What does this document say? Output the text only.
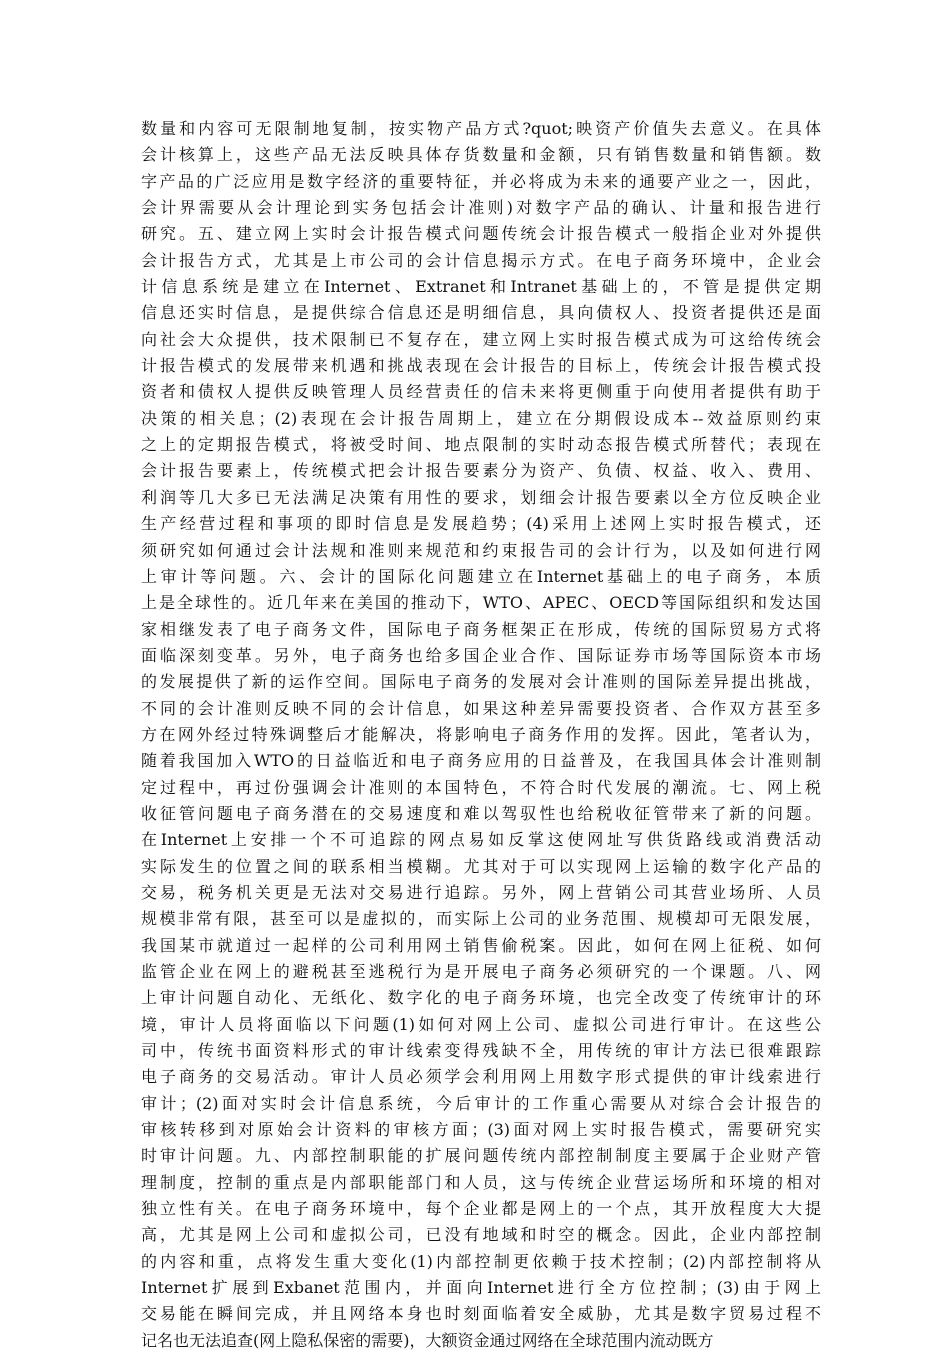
数量和内容可无限制地复制，按实物产品方式?quot;映资产价值失去意义。在具体
会计核算上，这些产品无法反映具体存货数量和金额，只有销售数量和销售额。数
字产品的广泛应用是数字经济的重要特征，并必将成为未来的通要产业之一，因此，
会计界需要从会计理论到实务包括会计准则)对数字产品的确认、计量和报告进行
研究。五、建立网上实时会计报告模式问题传统会计报告模式一般指企业对外提供
会计报告方式，尤其是上市公司的会计信息揭示方式。在电子商务环境中，企业会
计信息系统是建立在Internet、Extranet和Intranet基础上的，不管是提供定期
信息还实时信息，是提供综合信息还是明细信息，具向债权人、投资者提供还是面
向社会大众提供，技术限制已不复存在，建立网上实时报告模式成为可这给传统会
计报告模式的发展带来机遇和挑战表现在会计报告的目标上，传统会计报告模式投
资者和债权人提供反映管理人员经营责任的信未来将更侧重于向使用者提供有助于
决策的相关息；(2)表现在会计报告周期上，建立在分期假设成本--效益原则约束
之上的定期报告模式，将被受时间、地点限制的实时动态报告模式所替代；表现在
会计报告要素上，传统模式把会计报告要素分为资产、负债、权益、收入、费用、
利润等几大多已无法满足决策有用性的要求，划细会计报告要素以全方位反映企业
生产经营过程和事项的即时信息是发展趋势；(4)采用上述网上实时报告模式，还
须研究如何通过会计法规和准则来规范和约束报告司的会计行为，以及如何进行网
上审计等问题。六、会计的国际化问题建立在Internet基础上的电子商务，本质
上是全球性的。近几年来在美国的推动下，WTO、APEC、OECD等国际组织和发达国
家相继发表了电子商务文件，国际电子商务框架正在形成，传统的国际贸易方式将
面临深刻变革。另外，电子商务也给多国企业合作、国际证券市场等国际资本市场
的发展提供了新的运作空间。国际电子商务的发展对会计准则的国际差异提出挑战，
不同的会计准则反映不同的会计信息，如果这种差异需要投资者、合作双方甚至多
方在网外经过特殊调整后才能解决，将影响电子商务作用的发挥。因此，笔者认为，
随着我国加入WTO的日益临近和电子商务应用的日益普及，在我国具体会计准则制
定过程中，再过份强调会计准则的本国特色，不符合时代发展的潮流。七、网上税
收征管问题电子商务潜在的交易速度和难以驾驭性也给税收征管带来了新的问题。
在Internet上安排一个不可追踪的网点易如反掌这使网址写供货路线或消费活动
实际发生的位置之间的联系相当模糊。尤其对于可以实现网上运输的数字化产品的
交易，税务机关更是无法对交易进行追踪。另外，网上营销公司其营业场所、人员
规模非常有限，甚至可以是虚拟的，而实际上公司的业务范围、规模却可无限发展，
我国某市就道过一起样的公司利用网土销售偷税案。因此，如何在网上征税、如何
监管企业在网上的避税甚至逃税行为是开展电子商务必须研究的一个课题。八、网
上审计问题自动化、无纸化、数字化的电子商务环境，也完全改变了传统审计的环
境，审计人员将面临以下问题(1)如何对网上公司、虚拟公司进行审计。在这些公
司中，传统书面资料形式的审计线索变得残缺不全，用传统的审计方法已很难跟踪
电子商务的交易活动。审计人员必须学会利用网上用数字形式提供的审计线索进行
审计；(2)面对实时会计信息系统，今后审计的工作重心需要从对综合会计报告的
审核转移到对原始会计资料的审核方面；(3)面对网上实时报告模式，需要研究实
时审计问题。九、内部控制职能的扩展问题传统内部控制制度主要属于企业财产管
理制度，控制的重点是内部职能部门和人员，这与传统企业营运场所和环境的相对
独立性有关。在电子商务环境中，每个企业都是网上的一个点，其开放程度大大提
高，尤其是网上公司和虚拟公司，已没有地域和时空的概念。因此，企业内部控制
的内容和重，点将发生重大变化(1)内部控制更依赖于技术控制；(2)内部控制将从
Internet扩展到Exbanet范围内，并面向Internet进行全方位控制；(3)由于网上
交易能在瞬间完成，并且网络本身也时刻面临着安全威胁，尤其是数字贸易过程不
记名也无法追查(网上隐私保密的需要)，大额资金通过网络在全球范围内流动既方
